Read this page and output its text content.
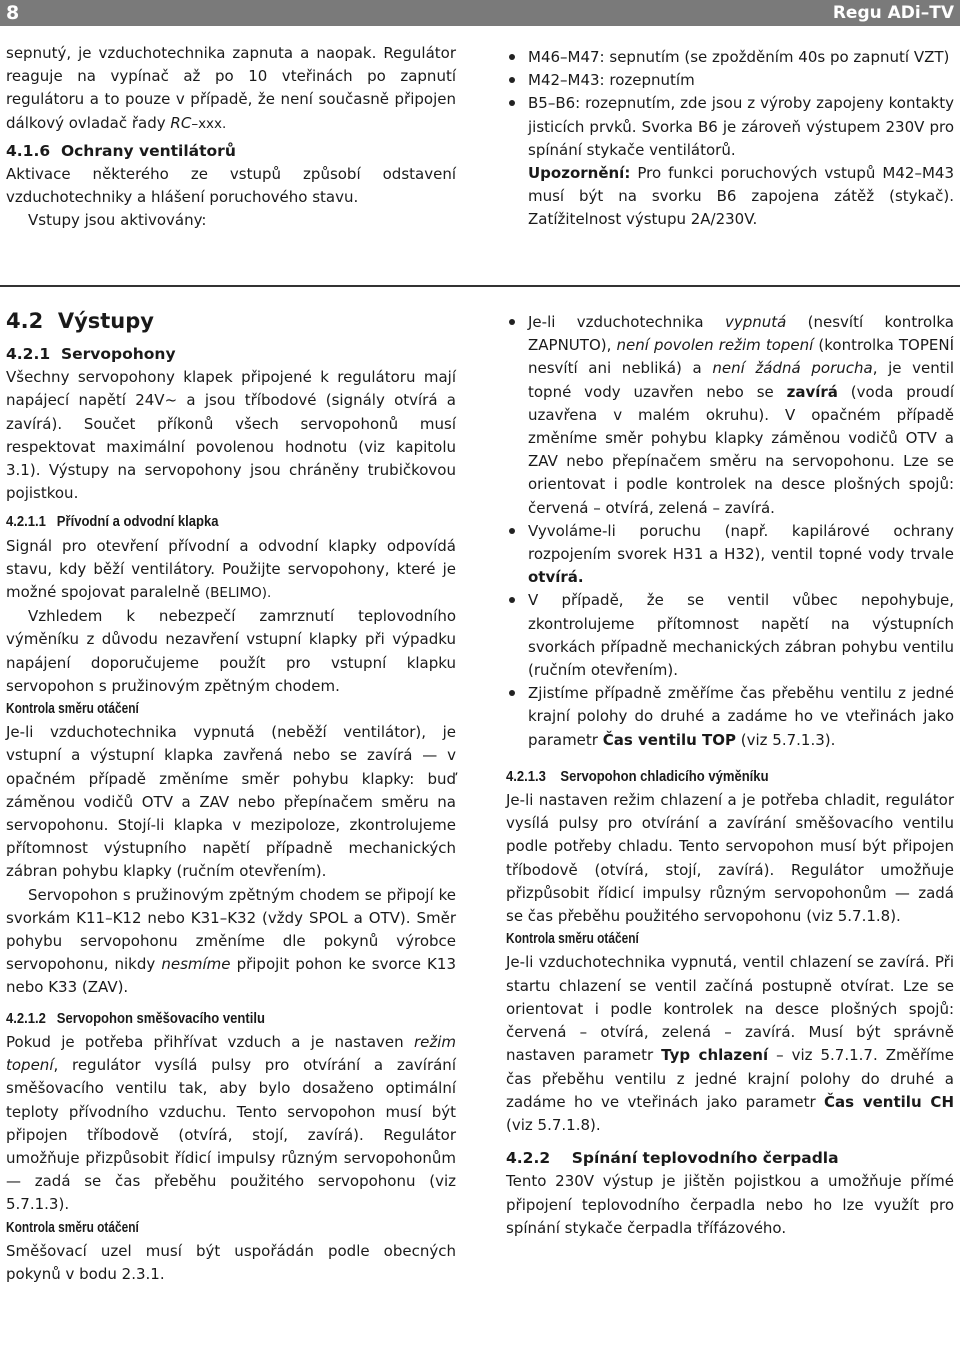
8	Regu ADi–TV

sepnutý, je vzduchotechnika zapnuta a naopak. Regulátor reaguje na vypínač až po 10 vteřinách po zapnutí regulátoru a to pouze v případě, že není současně připojen dálkový ovladač řady RC–xxx.

4.1.6 Ochrany ventilátorů

Aktivace některého ze vstupů způsobí odstavení vzduchotechniky a hlášení poruchového stavu.

Vstupy jsou aktivovány:

M46–M47: sepnutím (se zpožděním 40s po zapnutí VZT)
M42–M43: rozepnutím
B5–B6: rozepnutím, zde jsou z výroby zapojeny kontakty jisticích prvků. Svorka B6 je zároveň výstupem 230V pro spínání stykače ventilátorů.

Upozornění: Pro funkci poruchových vstupů M42–M43 musí být na svorku B6 zapojena zátěž (stykač). Zatížitelnost výstupu 2A/230V.

4.2 Výstupy

4.2.1 Servopohony

Všechny servopohony klapek připojené k regulátoru mají napájecí napětí 24V~ a jsou tříbodové (signály otvírá a zavírá). Součet příkonů všech servopohonů musí respektovat maximální povolenou hodnotu (viz kapitolu 3.1). Výstupy na servopohony jsou chráněny trubičkovou pojistkou.

4.2.1.1 Přívodní a odvodní klapka

Signál pro otevření přívodní a odvodní klapky odpovídá stavu, kdy běží ventilátory. Použijte servopohony, které je možné spojovat paralelně (BELIMO).

Vzhledem k nebezpečí zamrznutí teplovodního výměníku z důvodu nezavření vstupní klapky při výpadku napájení doporučujeme použít pro vstupní klapku servopohon s pružinovým zpětným chodem.

Kontrola směru otáčení

Je-li vzduchotechnika vypnutá (neběží ventilátor), je vstupní a výstupní klapka zavřená nebo se zavírá — v opačném případě změníme směr pohybu klapky: buď záměnou vodičů OTV a ZAV nebo přepínačem směru na servopohonu. Stojí-li klapka v mezipoloze, zkontrolujeme přítomnost výstupního napětí případně mechanických zábran pohybu klapky (ručním otevřením).

Servopohon s pružinovým zpětným chodem se připojí ke svorkám K11–K12 nebo K31–K32 (vždy SPOL a OTV). Směr pohybu servopohonu změníme dle pokynů výrobce servopohonu, nikdy nesmíme připojit pohon ke svorce K13 nebo K33 (ZAV).

4.2.1.2 Servopohon směšovacího ventilu

Pokud je potřeba přihřívat vzduch a je nastaven režim topení, regulátor vysílá pulsy pro otvírání a zavírání směšovacího ventilu tak, aby bylo dosaženo optimální teploty přívodního vzduchu. Tento servopohon musí být připojen tříbodově (otvírá, stojí, zavírá). Regulátor umožňuje přizpůsobit řídicí impulsy různým servopohonům — zadá se čas přeběhu použitého servopohonu (viz 5.7.1.3).

Kontrola směru otáčení

Směšovací uzel musí být uspořádán podle obecných pokynů v bodu 2.3.1.

Je-li vzduchotechnika vypnutá (nesvítí kontrolka ZAPNUTO), není povolen režim topení (kontrolka TOPENÍ nesvítí ani nebliká) a není žádná porucha, je ventil topné vody uzavřen nebo se zavírá (voda proudí uzavřena v malém okruhu). V opačném případě změníme směr pohybu klapky záměnou vodičů OTV a ZAV nebo přepínačem směru na servopohonu. Lze se orientovat i podle kontrolek na desce plošných spojů: červená – otvírá, zelená – zavírá.
Vyvoláme-li poruchu (např. kapilárové ochrany rozpojením svorek H31 a H32), ventil topné vody trvale otvírá.
V případě, že se ventil vůbec nepohybuje, zkontrolujeme přítomnost napětí na výstupních svorkách případně mechanických zábran pohybu ventilu (ručním otevřením).
Zjistíme případně změříme čas přeběhu ventilu z jedné krajní polohy do druhé a zadáme ho ve vteřinách jako parametr Čas ventilu TOP (viz 5.7.1.3).

4.2.1.3 Servopohon chladicího výměníku

Je-li nastaven režim chlazení a je potřeba chladit, regulátor vysílá pulsy pro otvírání a zavírání směšovacího ventilu podle potřeby chladu. Tento servopohon musí být připojen tříbodově (otvírá, stojí, zavírá). Regulátor umožňuje přizpůsobit řídicí impulsy různým servopohonům — zadá se čas přeběhu použitého servopohonu (viz 5.7.1.8).

Kontrola směru otáčení

Je-li vzduchotechnika vypnutá, ventil chlazení se zavírá. Při startu chlazení se ventil začíná postupně otvírat. Lze se orientovat i podle kontrolek na desce plošných spojů: červená – otvírá, zelená – zavírá. Musí být správně nastaven parametr Typ chlazení – viz 5.7.1.7. Změříme čas přeběhu ventilu z jedné krajní polohy do druhé a zadáme ho ve vteřinách jako parametr Čas ventilu CH (viz 5.7.1.8).

4.2.2 Spínání teplovodního čerpadla

Tento 230V výstup je jištěn pojistkou a umožňuje přímé připojení teplovodního čerpadla nebo ho lze využít pro spínání stykače čerpadla třífázového.
